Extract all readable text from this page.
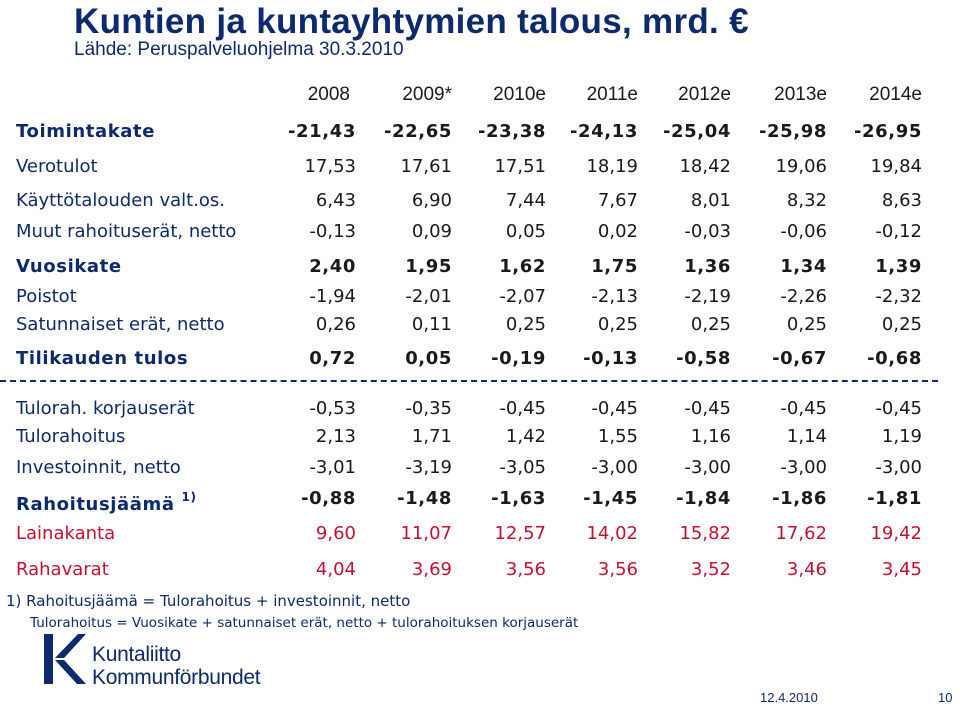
Kuntien ja kuntayhtymien talous, mrd. €
Lähde: Peruspalveluohjelma 30.3.2010
2008	2009* 2010e 2011e 2012e 2013e 2014e
Toimintakate	-21,43 -22,65 -23,38 -24,13 -25,04 -25,98 -26,95
Verotulot	17,53 17,61 17,51 18,19 18,42 19,06 19,84
Käyttötalouden valt.os.	6,43	6,90	7,44	7,67	8,01	8,32	8,63
Muut rahoituserät, netto	-0,13	0,09	0,05	0,02	-0,03	-0,06	-0,12
Vuosikate	2,40	1,95	1,62	1,75	1,36	1,34	1,39
Poistot	-1,94	-2,01	-2,07	-2,13	-2,19	-2,26	-2,32
Satunnaiset erät, netto	0,26	0,11	0,25	0,25	0,25	0,25	0,25
Tilikauden tulos	0,72	0,05 -0,19 -0,13 -0,58 -0,67 -0,68
Tulorah. korjauserät	-0,53	-0,35	-0,45	-0,45	-0,45	-0,45	-0,45
Tulorahoitus	2,13	1,71	1,42	1,55	1,16	1,14	1,19
Investoinnit, netto	-3,01	-3,19	-3,05	-3,00	-3,00	-3,00	-3,00
Rahoitusjäämä $^{1)}$	-0,88 -1,48 -1,63 -1,45 -1,84 -1,86 -1,81
Lainakanta	9,60 11,07 12,57 14,02 15,82 17,62 19,42
Rahavarat	4,04	3,69	3,56	3,56	3,52	3,46	3,45
1) Rahoitusjäämä = Tulorahoitus + investoinnit, netto
Tulorahoitus = Vuosikate + satunnaiset erät, netto + tulorahoituksen korjauserät
Kuntaliitto
Kommunförbundet
12.4.2010	10
